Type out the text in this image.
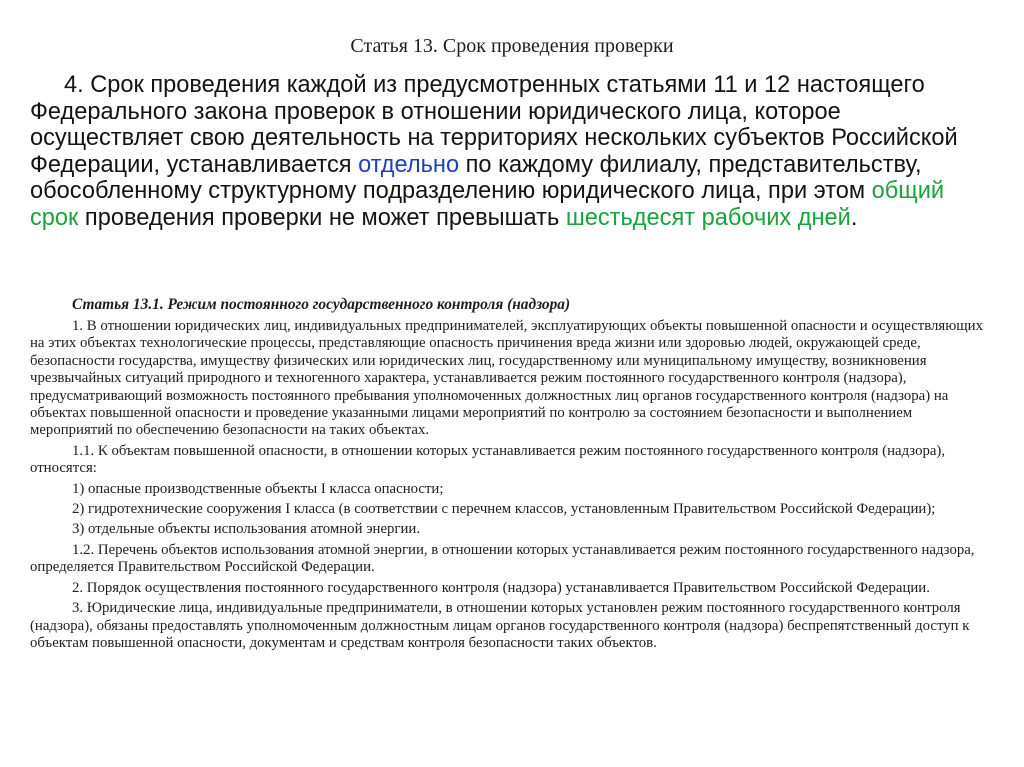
Статья 13. Срок проведения проверки

4. Срок проведения каждой из предусмотренных статьями 11 и 12 настоящего Федерального закона проверок в отношении юридического лица, которое осуществляет свою деятельность на территориях нескольких субъектов Российской Федерации, устанавливается отдельно по каждому филиалу, представительству, обособленному структурному подразделению юридического лица, при этом общий срок проведения проверки не может превышать шестьдесят рабочих дней.

Статья 13.1. Режим постоянного государственного контроля (надзора)

1. В отношении юридических лиц, индивидуальных предпринимателей, эксплуатирующих объекты повышенной опасности и осуществляющих на этих объектах технологические процессы, представляющие опасность причинения вреда жизни или здоровью людей, окружающей среде, безопасности государства, имуществу физических или юридических лиц, государственному или муниципальному имуществу, возникновения чрезвычайных ситуаций природного и техногенного характера, устанавливается режим постоянного государственного контроля (надзора), предусматривающий возможность постоянного пребывания уполномоченных должностных лиц органов государственного контроля (надзора) на объектах повышенной опасности и проведение указанными лицами мероприятий по контролю за состоянием безопасности и выполнением мероприятий по обеспечению безопасности на таких объектах.

1.1. К объектам повышенной опасности, в отношении которых устанавливается режим постоянного государственного контроля (надзора), относятся:

1) опасные производственные объекты I класса опасности;

2) гидротехнические сооружения I класса (в соответствии с перечнем классов, установленным Правительством Российской Федерации);

3) отдельные объекты использования атомной энергии.

1.2. Перечень объектов использования атомной энергии, в отношении которых устанавливается режим постоянного государственного надзора, определяется Правительством Российской Федерации.

2. Порядок осуществления постоянного государственного контроля (надзора) устанавливается Правительством Российской Федерации.

3. Юридические лица, индивидуальные предприниматели, в отношении которых установлен режим постоянного государственного контроля (надзора), обязаны предоставлять уполномоченным должностным лицам органов государственного контроля (надзора) беспрепятственный доступ к объектам повышенной опасности, документам и средствам контроля безопасности таких объектов.
